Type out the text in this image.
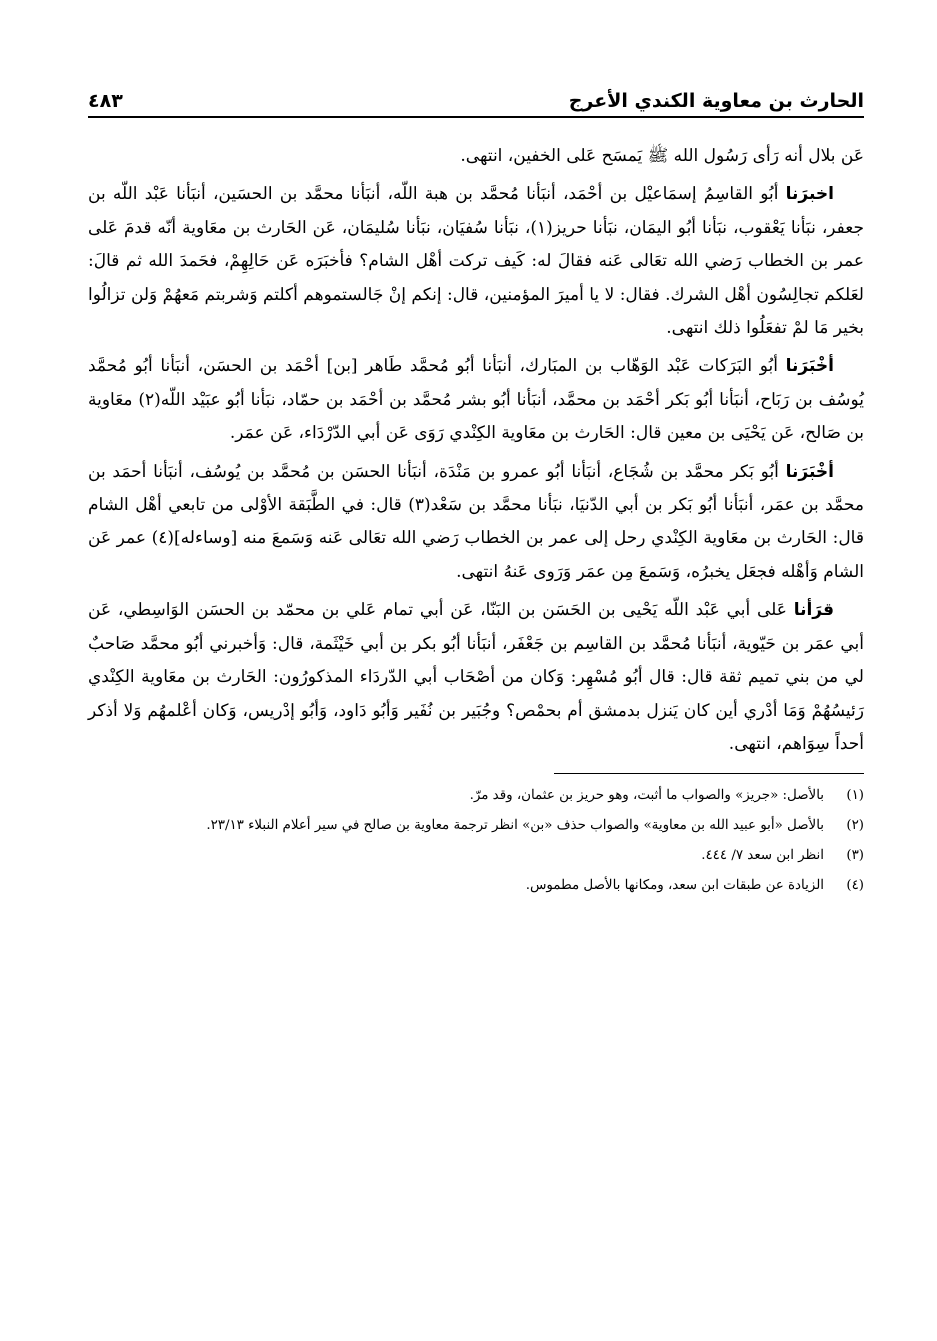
الحارث بن معاوية الكندي الأعرج
٤٨٣

عَن بلال أنه رَأى رَسُول الله ﷺ يَمسَح عَلى الخفين، انتهى.

اخبرَنا أبُو القاسِمُ إسمَاعيْل بن أحْمَد، أنبَأنا مُحمَّد بن هبة اللّه، أنبَأنا محمَّد بن الحسَين، أنبَأنا عَبْد اللّه بن جعفر، نبَأنا يَعْقوب، نبَأنا أبُو اليمَان، نبَأنا حريز(١)، نبَأنا سُفيَان، نبَأنا سُليمَان، عَن الحَارث بن معَاوية أنّه قدمَ عَلى عمر بن الخطاب رَضي الله تعَالى عَنه فقالَ له: كَيف تركت أهْل الشام؟ فأخبَرَه عَن حَالِهِمْ، فحَمدَ الله ثم قالَ: لعَلكم تجالِسُون أهْل الشرك. فقال: لا يا أميرَ المؤمنين، قال: إنكم إنْ جَالستموهم أكلتم وَشربتم مَعهُمْ وَلن تزالُوا بخير مَا لمْ تفعَلُوا ذلك انتهى.

أخْبَرَنا أبُو البَرَكات عَبْد الوَهّاب بن المبَارك، أنبَأنا أبُو مُحمَّد طَاهر [بن] أحْمَد بن الحسَن، أنبَأنا أبُو مُحمَّد يُوسُف بن رَبَاح، أنبَأنا أبُو بَكر أحْمَد بن محمَّد، أنبَأنا أبُو بشر مُحمَّد بن أحْمَد بن حمّاد، نبَأنا أبُو عبَيْد اللّه(٢) معَاوية بن صَالح، عَن يَحْيَى بن معين قال: الحَارث بن معَاوية الكِنْدي رَوَى عَن أبي الدّرْدَاء، عَن عمَر.

أخْبَرَنا أبُو بَكر محمَّد بن شُجَاع، أنبَأنا أبُو عمرو بن مَنْدَة، أنبَأنا الحسَن بن مُحمَّد بن يُوسُف، أنبَأنا أحمَد بن محمَّد بن عمَر، أنبَأنا أبُو بَكر بن أبي الدّنيَا، نبَأنا محمَّد بن سَعْد(٣) قال: في الطَّبَقة الأوْلى من تابعي أهْل الشام قال: الحَارث بن معَاوية الكِنْدي رحل إلى عمر بن الخطاب رَضي الله تعَالى عَنه وَسَمعَ منه [وساءله](٤) عمر عَن الشام وَأهْله فجعَل يخبرُه، وَسَمعَ مِن عمَر وَرَوى عَنهُ انتهى.

قرَأنا عَلى أبي عَبْد اللّه يَحْيى بن الحَسَن بن البَنّا، عَن أبي تمام عَلي بن محمّد بن الحسَن الوَاسِطي، عَن أبي عمَر بن حَيّوية، أنبَأنا مُحمَّد بن القاسِم بن جَعْفَر، أنبَأنا أبُو بكر بن أبي خَيْثَمة، قال: وَأخبرني أبُو محمَّد صَاحبٌ لي من بني تميم ثقة قال: قال أبُو مُسْهِر: وَكان من أصْحَاب أبي الدّردَاء المذكورُون: الحَارث بن معَاوية الكِنْدي رَئيسُهُمْ وَمَا أدْري أين كان يَنزل بدمشق أم بحمْص؟ وجُبَير بن نُفَير وَأبُو دَاود، وَأبُو إدْريس، وَكان أعْلمهُم وَلا أذكر أحداً سِوَاهم، انتهى.

(١)
بالأصل: «جريز» والصواب ما أثبت، وهو حريز بن عثمان، وقد مرّ.
(٢)
بالأصل «أبو عبيد الله بن معاوية» والصواب حذف «بن» انظر ترجمة معاوية بن صالح في سير أعلام النبلاء ٢٣/١٣.
(٣)
انظر ابن سعد ٧/ ٤٤٤.
(٤)
الزيادة عن طبقات ابن سعد، ومكانها بالأصل مطموس.
